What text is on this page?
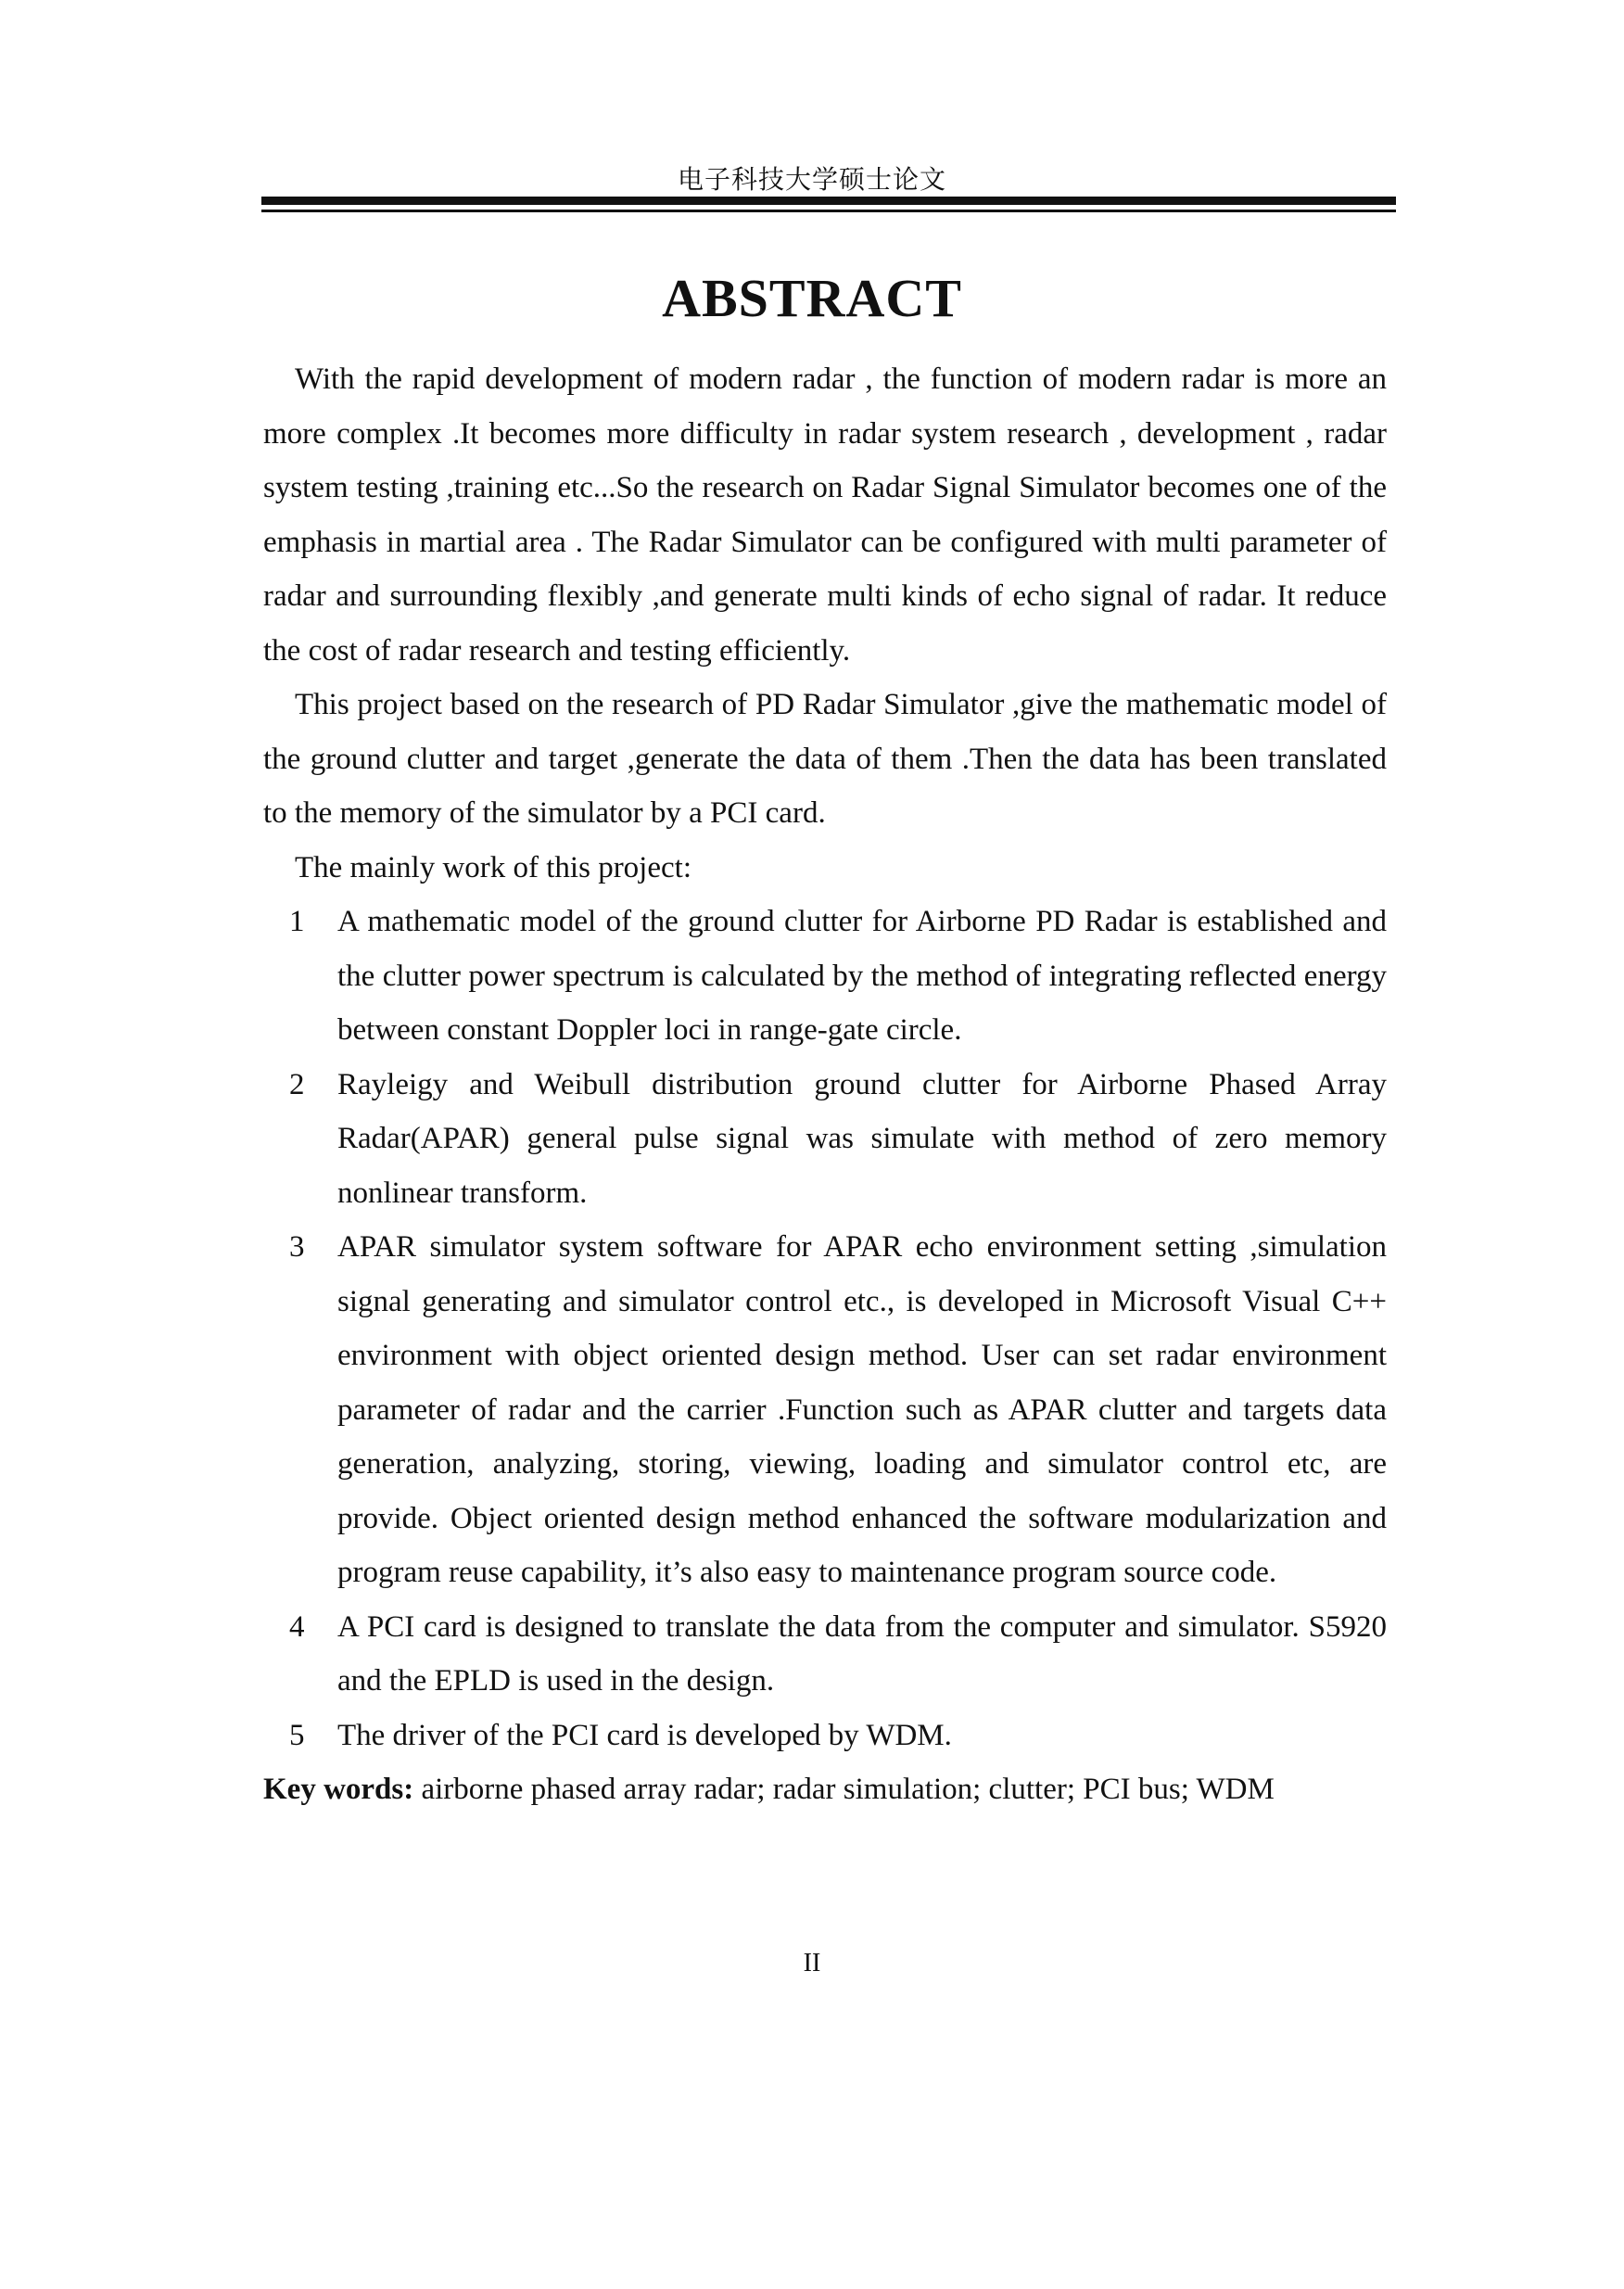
电子科技大学硕士论文
ABSTRACT

With the rapid development of modern radar , the function of modern radar is more an more complex .It becomes more difficulty in radar system research , development , radar system testing ,training etc...So the research on Radar Signal Simulator becomes one of the emphasis in martial area . The Radar Simulator can be configured with multi parameter of radar and surrounding flexibly ,and generate multi kinds of echo signal of radar. It reduce the cost of radar research and testing efficiently.

This project based on the research of PD Radar Simulator ,give the mathematic model of the ground clutter and target ,generate the data of them .Then the data has been translated to the memory of the simulator by a PCI card.

The mainly work of this project:

1 A mathematic model of the ground clutter for Airborne PD Radar is established and the clutter power spectrum is calculated by the method of integrating reflected energy between constant Doppler loci in range-gate circle.
2 Rayleigy and Weibull distribution ground clutter for Airborne Phased Array Radar(APAR) general pulse signal was simulate with method of zero memory nonlinear transform.
3 APAR simulator system software for APAR echo environment setting ,simulation signal generating and simulator control etc., is developed in Microsoft Visual C++ environment with object oriented design method. User can set radar environment parameter of radar and the carrier .Function such as APAR clutter and targets data generation, analyzing, storing, viewing, loading and simulator control etc, are provide. Object oriented design method enhanced the software modularization and program reuse capability, it’s also easy to maintenance program source code.
4 A PCI card is designed to translate the data from the computer and simulator. S5920 and the EPLD is used in the design.
5 The driver of the PCI card is developed by WDM.

Key words: airborne phased array radar; radar simulation; clutter; PCI bus; WDM

II
